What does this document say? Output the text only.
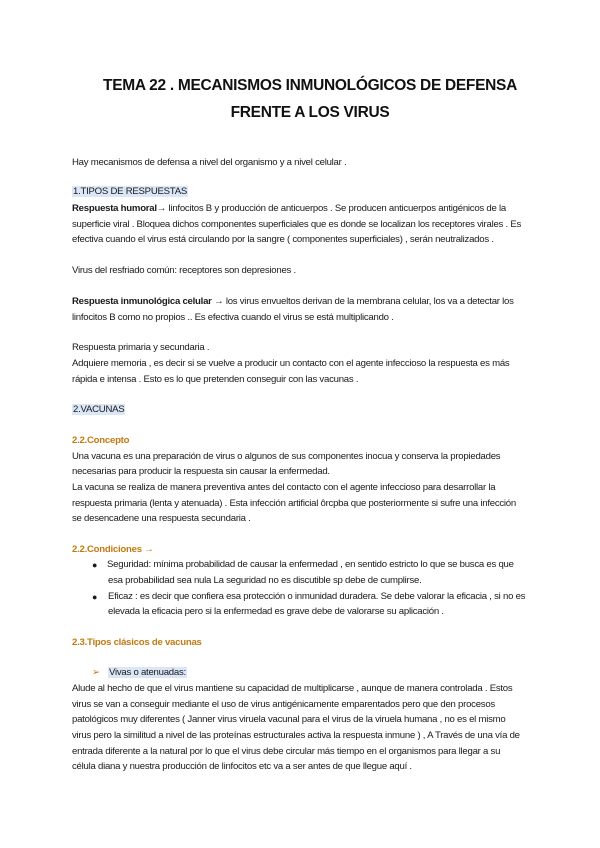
TEMA 22 . MECANISMOS INMUNOLÓGICOS DE DEFENSA
FRENTE A LOS VIRUS
Hay mecanismos de defensa a nivel del organismo y a nivel celular .
1.TIPOS DE RESPUESTAS
Respuesta humoral→ linfocitos B y producción de anticuerpos . Se producen anticuerpos antigénicos de la
superficie viral . Bloquea dichos componentes superficiales que es donde se localizan los receptores virales . Es
efectiva cuando el virus está circulando por la sangre ( componentes superficiales) , serán neutralizados .
Virus del resfriado común: receptores son depresiones .
Respuesta inmunológica celular → los virus envueltos derivan de la membrana celular, los va a detectar los
linfocitos B como no propios .. Es efectiva cuando el virus se está multiplicando .
Respuesta primaria y secundaria .
Adquiere memoria , es decir si se vuelve a producir un contacto con el agente infeccioso la respuesta es más
rápida e intensa . Esto es lo que pretenden conseguir con las vacunas .
2.VACUNAS
2.2.Concepto
Una vacuna es una preparación de virus o algunos de sus componentes inocua y conserva la propiedades
necesarias para producir la respuesta sin causar la enfermedad.
La vacuna se realiza de manera preventiva antes del contacto con el agente infeccioso para desarrollar la
respuesta primaria (lenta y atenuada) . Esta infección artificial ôrcpba que posteriormente si sufre una infección
se desencadene una respuesta secundaria .
2.2.Condiciones →
● Seguridad: mínima probabilidad de causar la enfermedad , en sentido estricto lo que se busca es que
esa probabilidad sea nula La seguridad no es discutible sp debe de cumplirse.
● Eficaz : es decir que confiera esa protección o inmunidad duradera. Se debe valorar la eficacia , si no es
elevada la eficacia pero si la enfermedad es grave debe de valorarse su aplicación .
2.3.Tipos clásicos de vacunas
➢ Vivas o atenuadas:
Alude al hecho de que el virus mantiene su capacidad de multiplicarse , aunque de manera controlada . Estos
virus se van a conseguir mediante el uso de virus antigénicamente emparentados pero que den procesos
patológicos muy diferentes ( Janner virus viruela vacunal para el virus de la viruela humana , no es el mismo
virus pero la similitud a nivel de las proteínas estructurales activa la respuesta inmune ) , A Través de una vía de
entrada diferente a la natural por lo que el virus debe circular más tiempo en el organismos para llegar a su
célula diana y nuestra producción de linfocitos etc va a ser antes de que llegue aquí .
